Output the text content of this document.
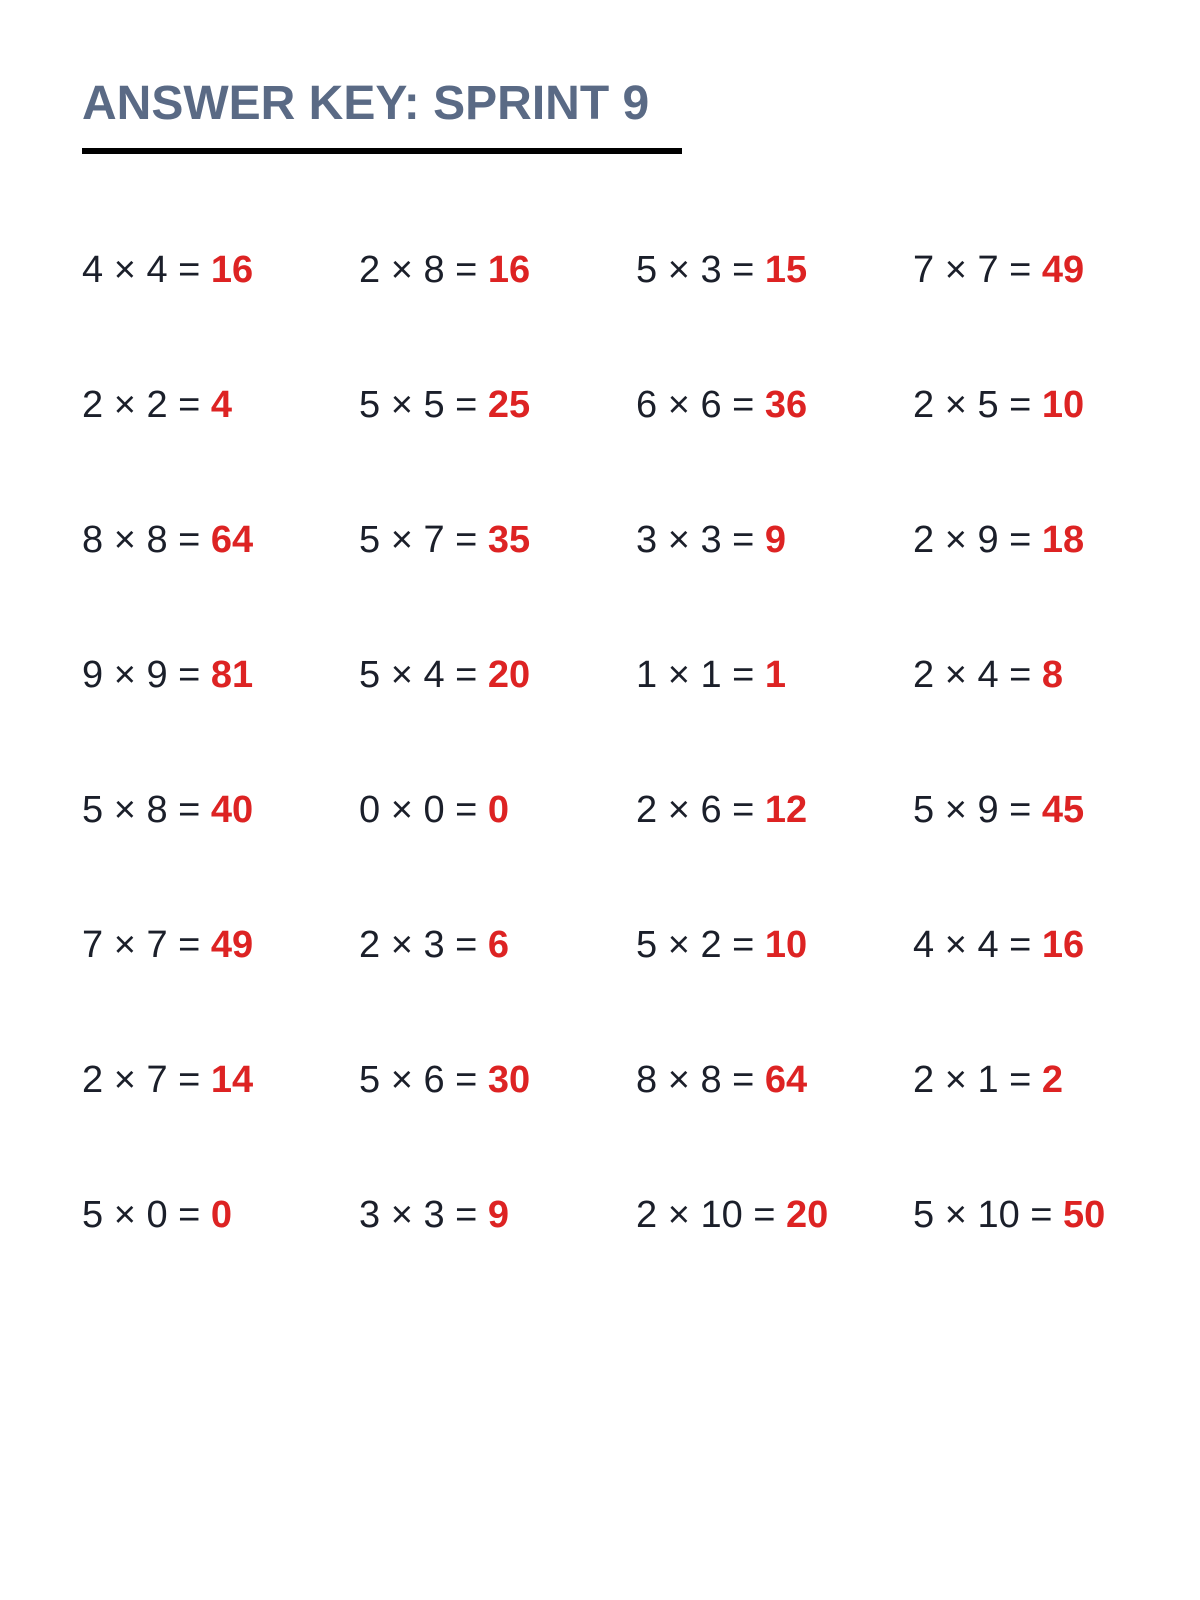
ANSWER KEY: SPRINT 9
4 × 4 = 16	2 × 8 = 16	5 × 3 = 15	7 × 7 = 49
2 × 2 = 4	5 × 5 = 25	6 × 6 = 36	2 × 5 = 10
8 × 8 = 64	5 × 7 = 35	3 × 3 = 9	2 × 9 = 18
9 × 9 = 81	5 × 4 = 20	1 × 1 = 1	2 × 4 = 8
5 × 8 = 40	0 × 0 = 0	2 × 6 = 12	5 × 9 = 45
7 × 7 = 49	2 × 3 = 6	5 × 2 = 10	4 × 4 = 16
2 × 7 = 14	5 × 6 = 30	8 × 8 = 64	2 × 1 = 2
5 × 0 = 0	3 × 3 = 9	2 × 10 = 20	5 × 10 = 50
